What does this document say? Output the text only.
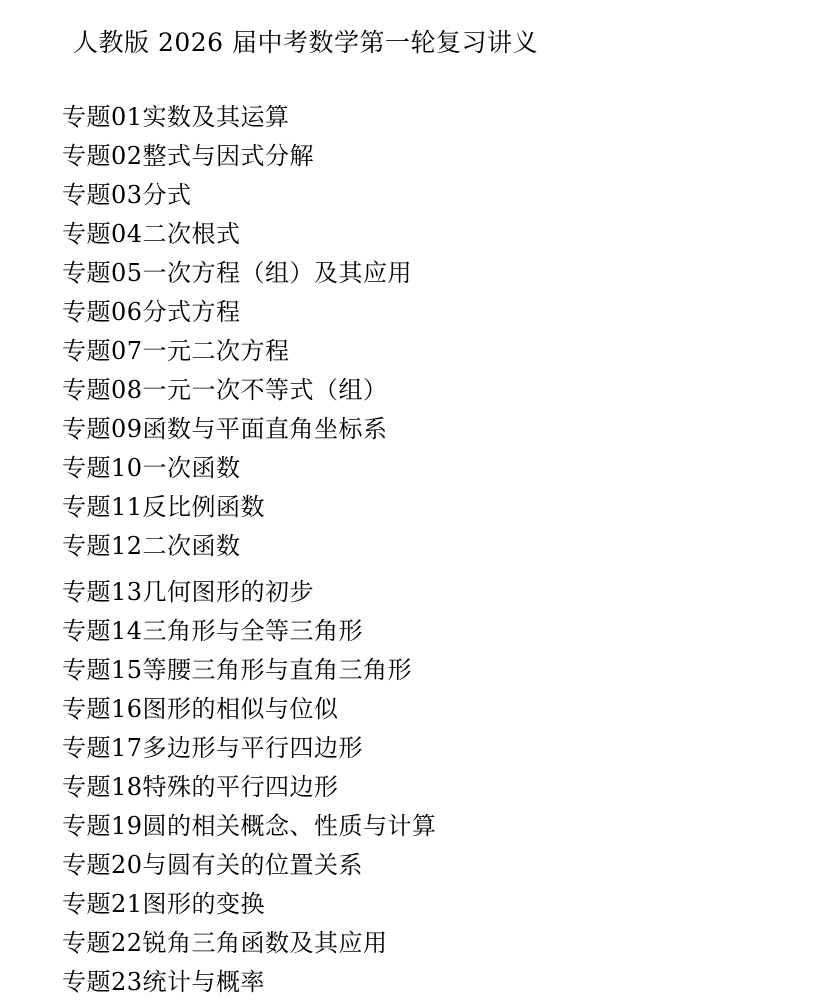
人教版 2026 届中考数学第一轮复习讲义
专题01实数及其运算
专题02整式与因式分解
专题03分式
专题04二次根式
专题05一次方程（组）及其应用
专题06分式方程
专题07一元二次方程
专题08一元一次不等式（组）
专题09函数与平面直角坐标系
专题10一次函数
专题11反比例函数
专题12二次函数
专题13几何图形的初步
专题14三角形与全等三角形
专题15等腰三角形与直角三角形
专题16图形的相似与位似
专题17多边形与平行四边形
专题18特殊的平行四边形
专题19圆的相关概念、性质与计算
专题20与圆有关的位置关系
专题21图形的变换
专题22锐角三角函数及其应用
专题23统计与概率
